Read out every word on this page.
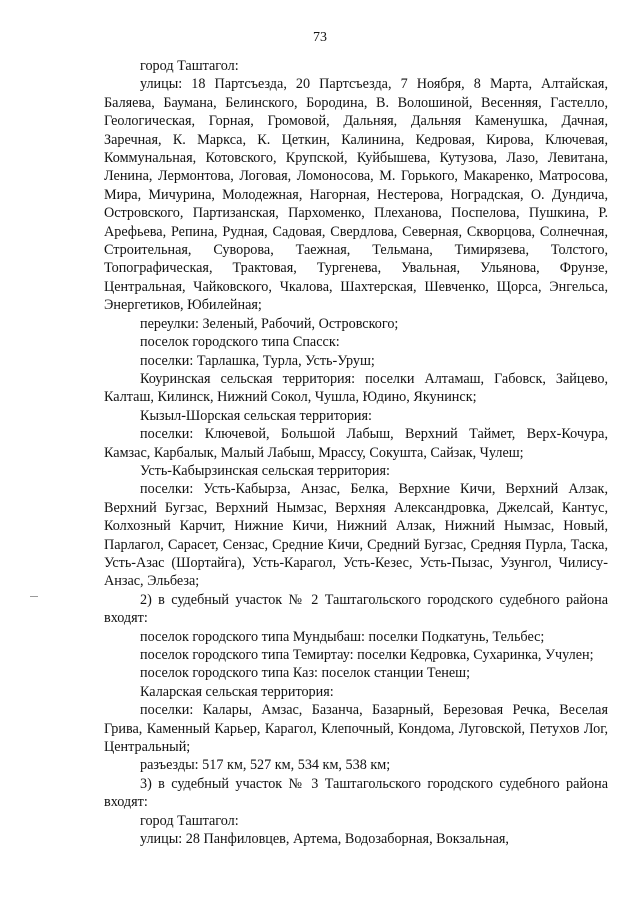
73

город Таштагол:

улицы: 18 Партсъезда, 20 Партсъезда, 7 Ноября, 8 Марта, Алтайская, Баляева, Баумана, Белинского, Бородина, В. Волошиной, Весенняя, Гастелло, Геологическая, Горная, Громовой, Дальняя, Дальняя Каменушка, Дачная, Заречная, К. Маркса, К. Цеткин, Калинина, Кедровая, Кирова, Ключевая, Коммунальная, Котовского, Крупской, Куйбышева, Кутузова, Лазо, Левитана, Ленина, Лермонтова, Логовая, Ломоносова, М. Горького, Макаренко, Матросова, Мира, Мичурина, Молодежная, Нагорная, Нестерова, Ноградская, О. Дундича, Островского, Партизанская, Пархоменко, Плеханова, Поспелова, Пушкина, Р. Арефьева, Репина, Рудная, Садовая, Свердлова, Северная, Скворцова, Солнечная, Строительная, Суворова, Таежная, Тельмана, Тимирязева, Толстого, Топографическая, Трактовая, Тургенева, Увальная, Ульянова, Фрунзе, Центральная, Чайковского, Чкалова, Шахтерская, Шевченко, Щорса, Энгельса, Энергетиков, Юбилейная;

переулки: Зеленый, Рабочий, Островского;

поселок городского типа Спасск:

поселки: Тарлашка, Турла, Усть-Уруш;

Коуринская сельская территория: поселки Алтамаш, Габовск, Зайцево, Калташ, Килинск, Нижний Сокол, Чушла, Юдино, Якунинск;

Кызыл-Шорская сельская территория:

поселки: Ключевой, Большой Лабыш, Верхний Таймет, Верх-Кочура, Камзас, Карбалык, Малый Лабыш, Мрассу, Сокушта, Сайзак, Чулеш;

Усть-Кабырзинская сельская территория:

поселки: Усть-Кабырза, Анзас, Белка, Верхние Кичи, Верхний Алзак, Верхний Бугзас, Верхний Нымзас, Верхняя Александровка, Джелсай, Кантус, Колхозный Карчит, Нижние Кичи, Нижний Алзак, Нижний Нымзас, Новый, Парлагол, Сарасет, Сензас, Средние Кичи, Средний Бугзас, Средняя Пурла, Таска, Усть-Азас (Шортайга), Усть-Карагол, Усть-Кезес, Усть-Пызас, Узунгол, Чилису-Анзас, Эльбеза;

2) в судебный участок № 2 Таштагольского городского судебного района входят:

поселок городского типа Мундыбаш: поселки Подкатунь, Тельбес;

поселок городского типа Темиртау: поселки Кедровка, Сухаринка, Учулен;

поселок городского типа Каз: поселок станции Тенеш;

Каларская сельская территория:

поселки: Калары, Амзас, Базанча, Базарный, Березовая Речка, Веселая Грива, Каменный Карьер, Карагол, Клепочный, Кондома, Луговской, Петухов Лог, Центральный;

разъезды: 517 км, 527 км, 534 км, 538 км;

3) в судебный участок № 3 Таштагольского городского судебного района входят:

город Таштагол:

улицы: 28 Панфиловцев, Артема, Водозаборная, Вокзальная,
